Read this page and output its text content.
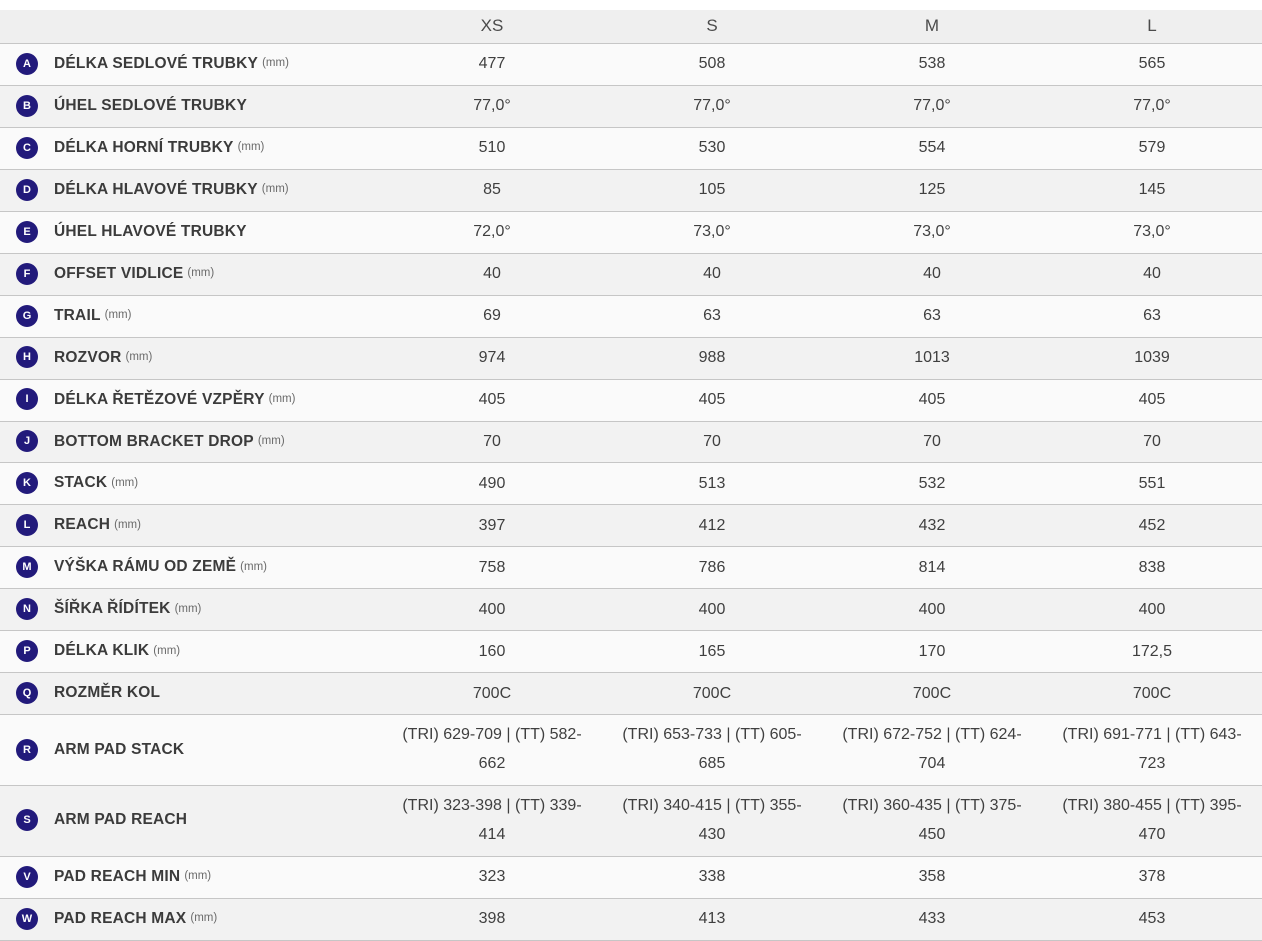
	XS	S	M	L
A DÉLKA SEDLOVÉ TRUBKY (mm)	477	508	538	565
B ÚHEL SEDLOVÉ TRUBKY	77,0°	77,0°	77,0°	77,0°
C DÉLKA HORNÍ TRUBKY (mm)	510	530	554	579
D DÉLKA HLAVOVÉ TRUBKY (mm)	85	105	125	145
E ÚHEL HLAVOVÉ TRUBKY	72,0°	73,0°	73,0°	73,0°
F OFFSET VIDLICE (mm)	40	40	40	40
G TRAIL (mm)	69	63	63	63
H ROZVOR (mm)	974	988	1013	1039
I DÉLKA ŘETĚZOVÉ VZPĚRY (mm)	405	405	405	405
J BOTTOM BRACKET DROP (mm)	70	70	70	70
K STACK (mm)	490	513	532	551
L REACH (mm)	397	412	432	452
M VÝŠKA RÁMU OD ZEMĚ (mm)	758	786	814	838
N ŠÍŘKA ŘÍDÍTEK (mm)	400	400	400	400
P DÉLKA KLIK (mm)	160	165	170	172,5
Q ROZMĚR KOL	700C	700C	700C	700C
R ARM PAD STACK	(TRI) 629-709 | (TT) 582-662	(TRI) 653-733 | (TT) 605-685	(TRI) 672-752 | (TT) 624-704	(TRI) 691-771 | (TT) 643-723
S ARM PAD REACH	(TRI) 323-398 | (TT) 339-414	(TRI) 340-415 | (TT) 355-430	(TRI) 360-435 | (TT) 375-450	(TRI) 380-455 | (TT) 395-470
V PAD REACH MIN (mm)	323	338	358	378
W PAD REACH MAX (mm)	398	413	433	453
